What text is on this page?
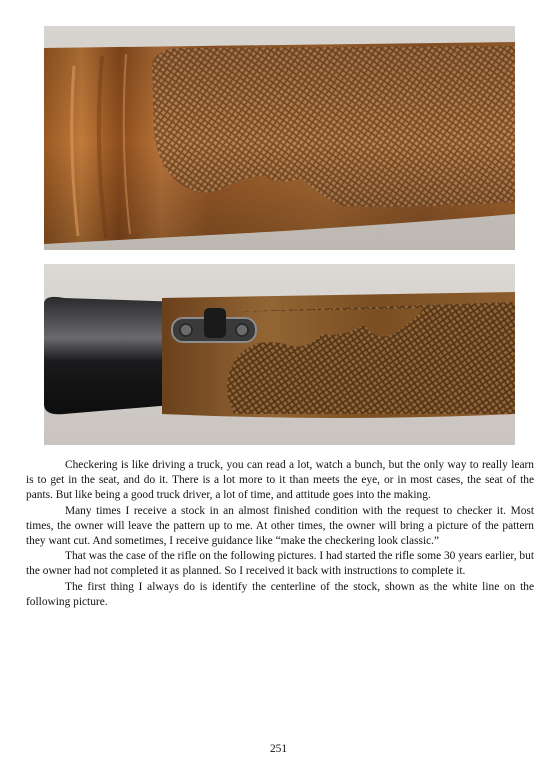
Checkering is like driving a truck, you can read a lot, watch a bunch, but the only way to really learn is to get in the seat, and do it. There is a lot more to it than meets the eye, or in most cases, the seat of the pants. But like being a good truck driver, a lot of time, and attitude goes into the making.

Many times I receive a stock in an almost finished condition with the request to checker it. Most times, the owner will leave the pattern up to me. At other times, the owner will bring a picture of the pattern they want cut. And sometimes, I receive guidance like “make the checkering look classic.”

That was the case of the rifle on the following pictures. I had started the rifle some 30 years earlier, but the owner had not completed it as planned. So I received it back with instructions to complete it.

The first thing I always do is identify the centerline of the stock, shown as the white line on the following picture.

251
